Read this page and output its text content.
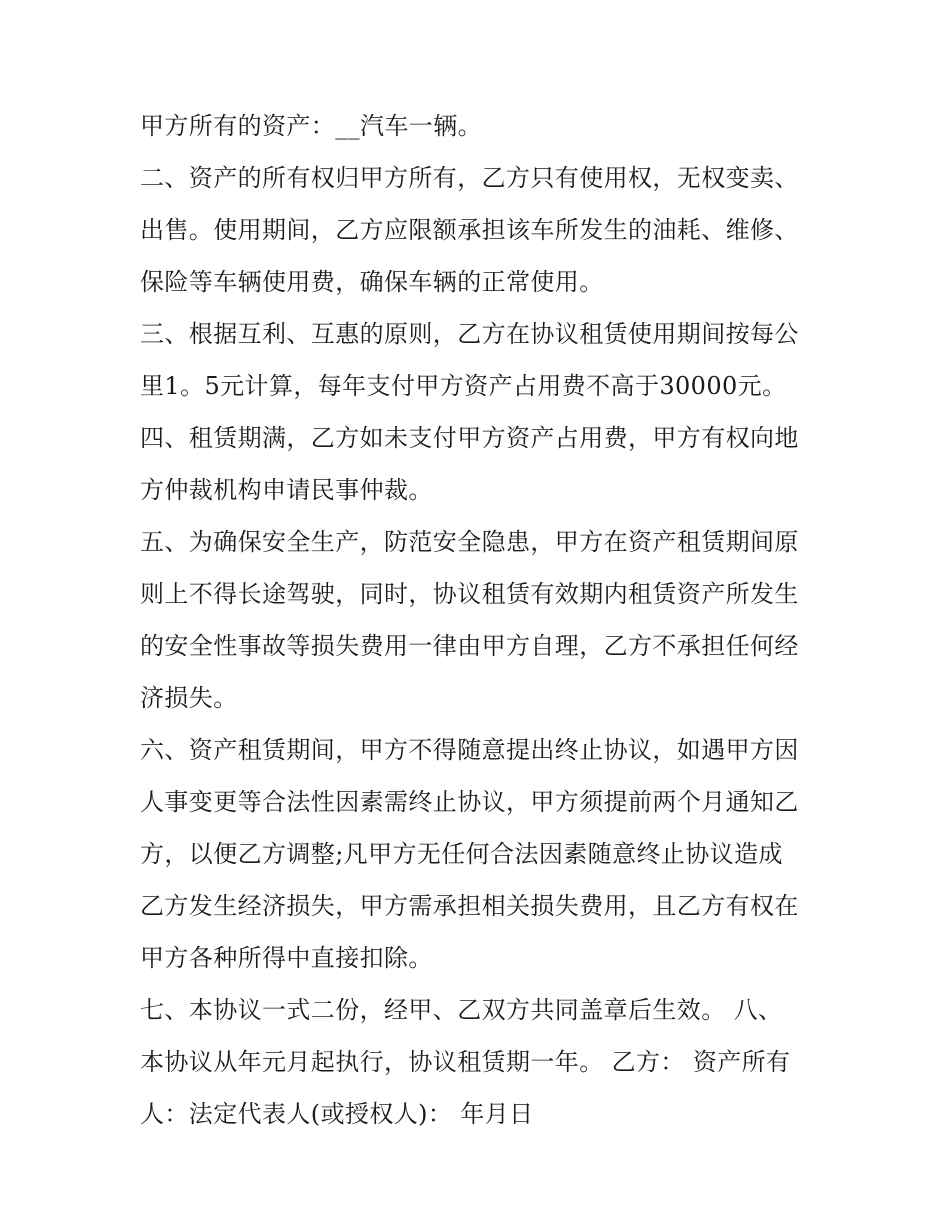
甲方所有的资产：__汽车一辆。
二、资产的所有权归甲方所有，乙方只有使用权，无权变卖、
出售。使用期间，乙方应限额承担该车所发生的油耗、维修、
保险等车辆使用费，确保车辆的正常使用。
三、根据互利、互惠的原则，乙方在协议租赁使用期间按每公
里1。5元计算，每年支付甲方资产占用费不高于30000元。
四、租赁期满，乙方如未支付甲方资产占用费，甲方有权向地
方仲裁机构申请民事仲裁。
五、为确保安全生产，防范安全隐患，甲方在资产租赁期间原
则上不得长途驾驶，同时，协议租赁有效期内租赁资产所发生
的安全性事故等损失费用一律由甲方自理，乙方不承担任何经
济损失。
六、资产租赁期间，甲方不得随意提出终止协议，如遇甲方因
人事变更等合法性因素需终止协议，甲方须提前两个月通知乙
方，以便乙方调整;凡甲方无任何合法因素随意终止协议造成
乙方发生经济损失，甲方需承担相关损失费用，且乙方有权在
甲方各种所得中直接扣除。
七、本协议一式二份，经甲、乙双方共同盖章后生效。 八、
本协议从年元月起执行，协议租赁期一年。 乙方： 资产所有
人：法定代表人(或授权人)： 年月日
